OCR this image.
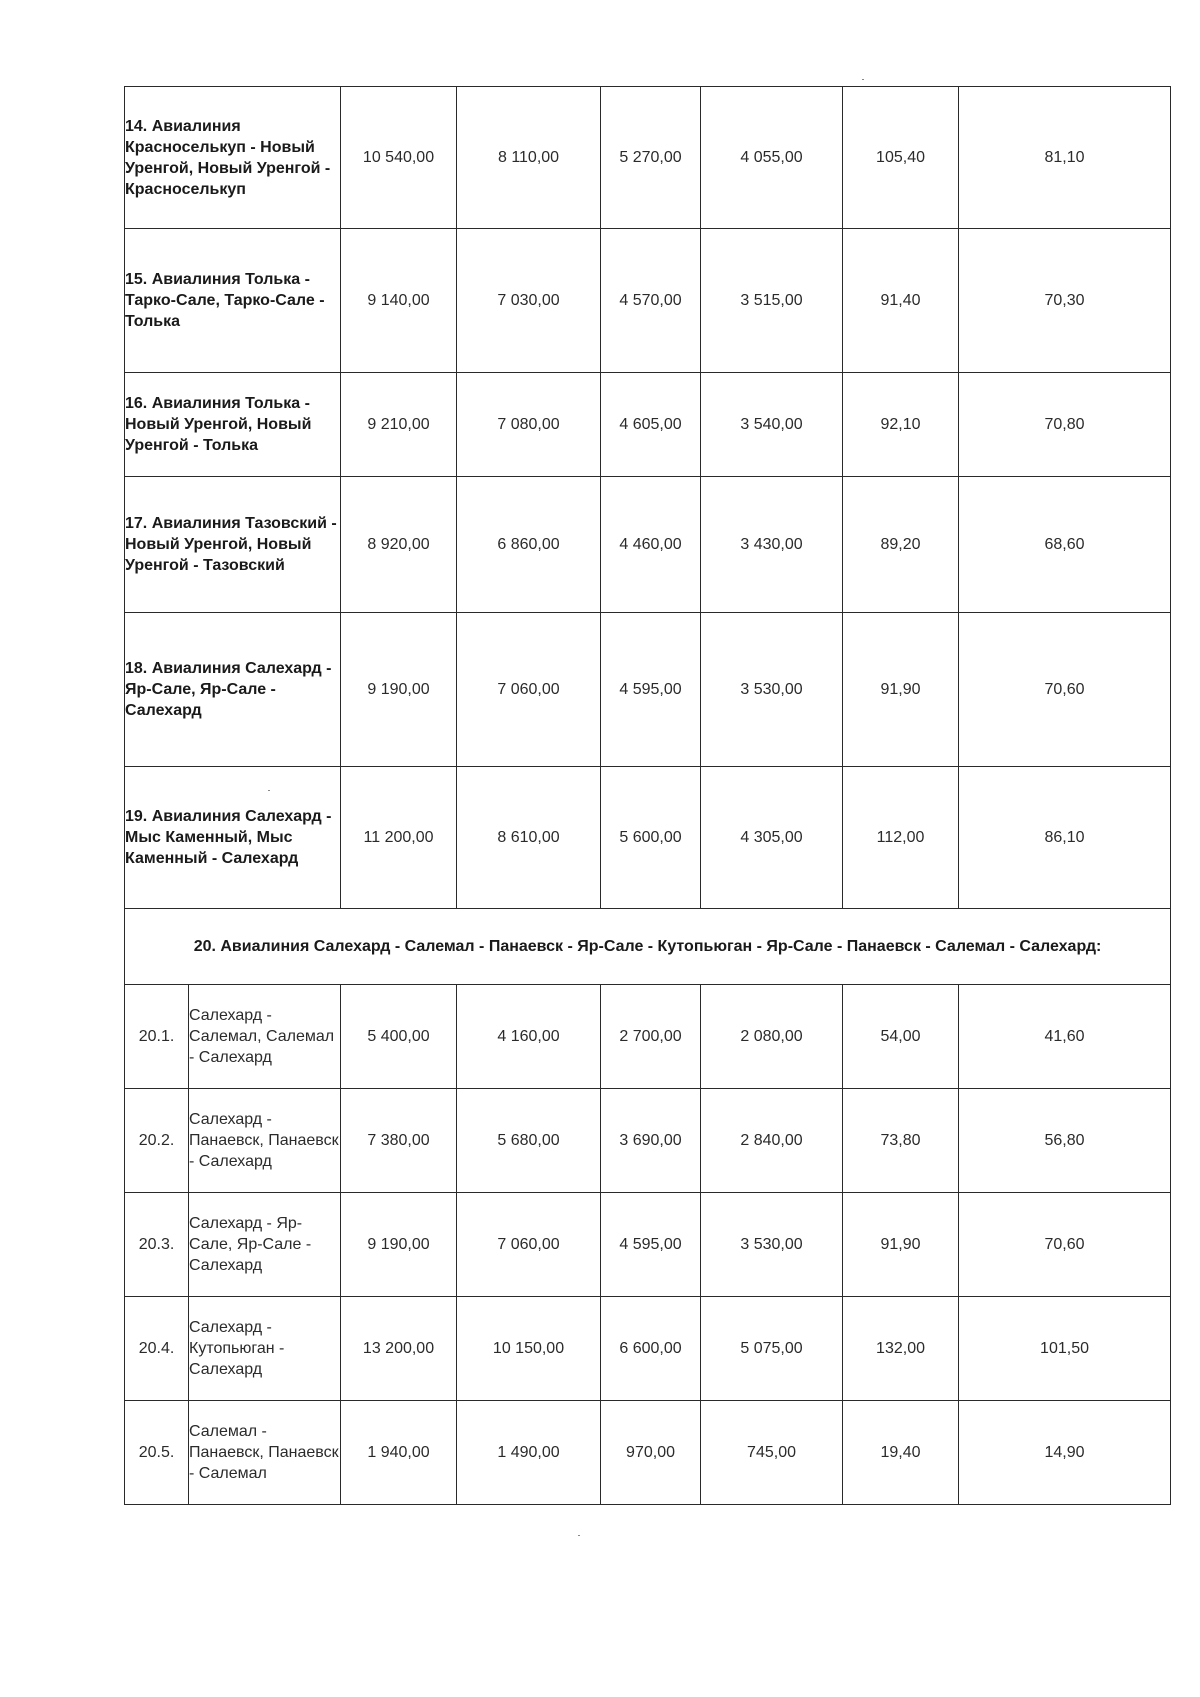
14. Авиалиния Красноселькуп - Новый Уренгой, Новый Уренгой - Красноселькуп		10 540,00	8 110,00	5 270,00	4 055,00	105,40	81,10
15. Авиалиния Толька - Тарко-Сале, Тарко-Сале - Толька		9 140,00	7 030,00	4 570,00	3 515,00	91,40	70,30
16. Авиалиния Толька - Новый Уренгой, Новый Уренгой - Толька		9 210,00	7 080,00	4 605,00	3 540,00	92,10	70,80
17. Авиалиния Тазовский - Новый Уренгой, Новый Уренгой - Тазовский		8 920,00	6 860,00	4 460,00	3 430,00	89,20	68,60
18. Авиалиния Салехард - Яр-Сале, Яр-Сале - Салехард		9 190,00	7 060,00	4 595,00	3 530,00	91,90	70,60
19. Авиалиния Салехард - Мыс Каменный, Мыс Каменный - Салехард		11 200,00	8 610,00	5 600,00	4 305,00	112,00	86,10
20. Авиалиния Салехард - Салемал - Панаевск - Яр-Сале - Кутопьюган - Яр-Сале - Панаевск - Салемал - Салехард:							
20.1.	Салехард - Салемал, Салемал - Салехард	5 400,00	4 160,00	2 700,00	2 080,00	54,00	41,60
20.2.	Салехард - Панаевск, Панаевск - Салехард	7 380,00	5 680,00	3 690,00	2 840,00	73,80	56,80
20.3.	Салехард - Яр-Сале, Яр-Сале - Салехард	9 190,00	7 060,00	4 595,00	3 530,00	91,90	70,60
20.4.	Салехард - Кутопьюган - Салехард	13 200,00	10 150,00	6 600,00	5 075,00	132,00	101,50
20.5.	Салемал - Панаевск, Панаевск - Салемал	1 940,00	1 490,00	970,00	745,00	19,40	14,90
